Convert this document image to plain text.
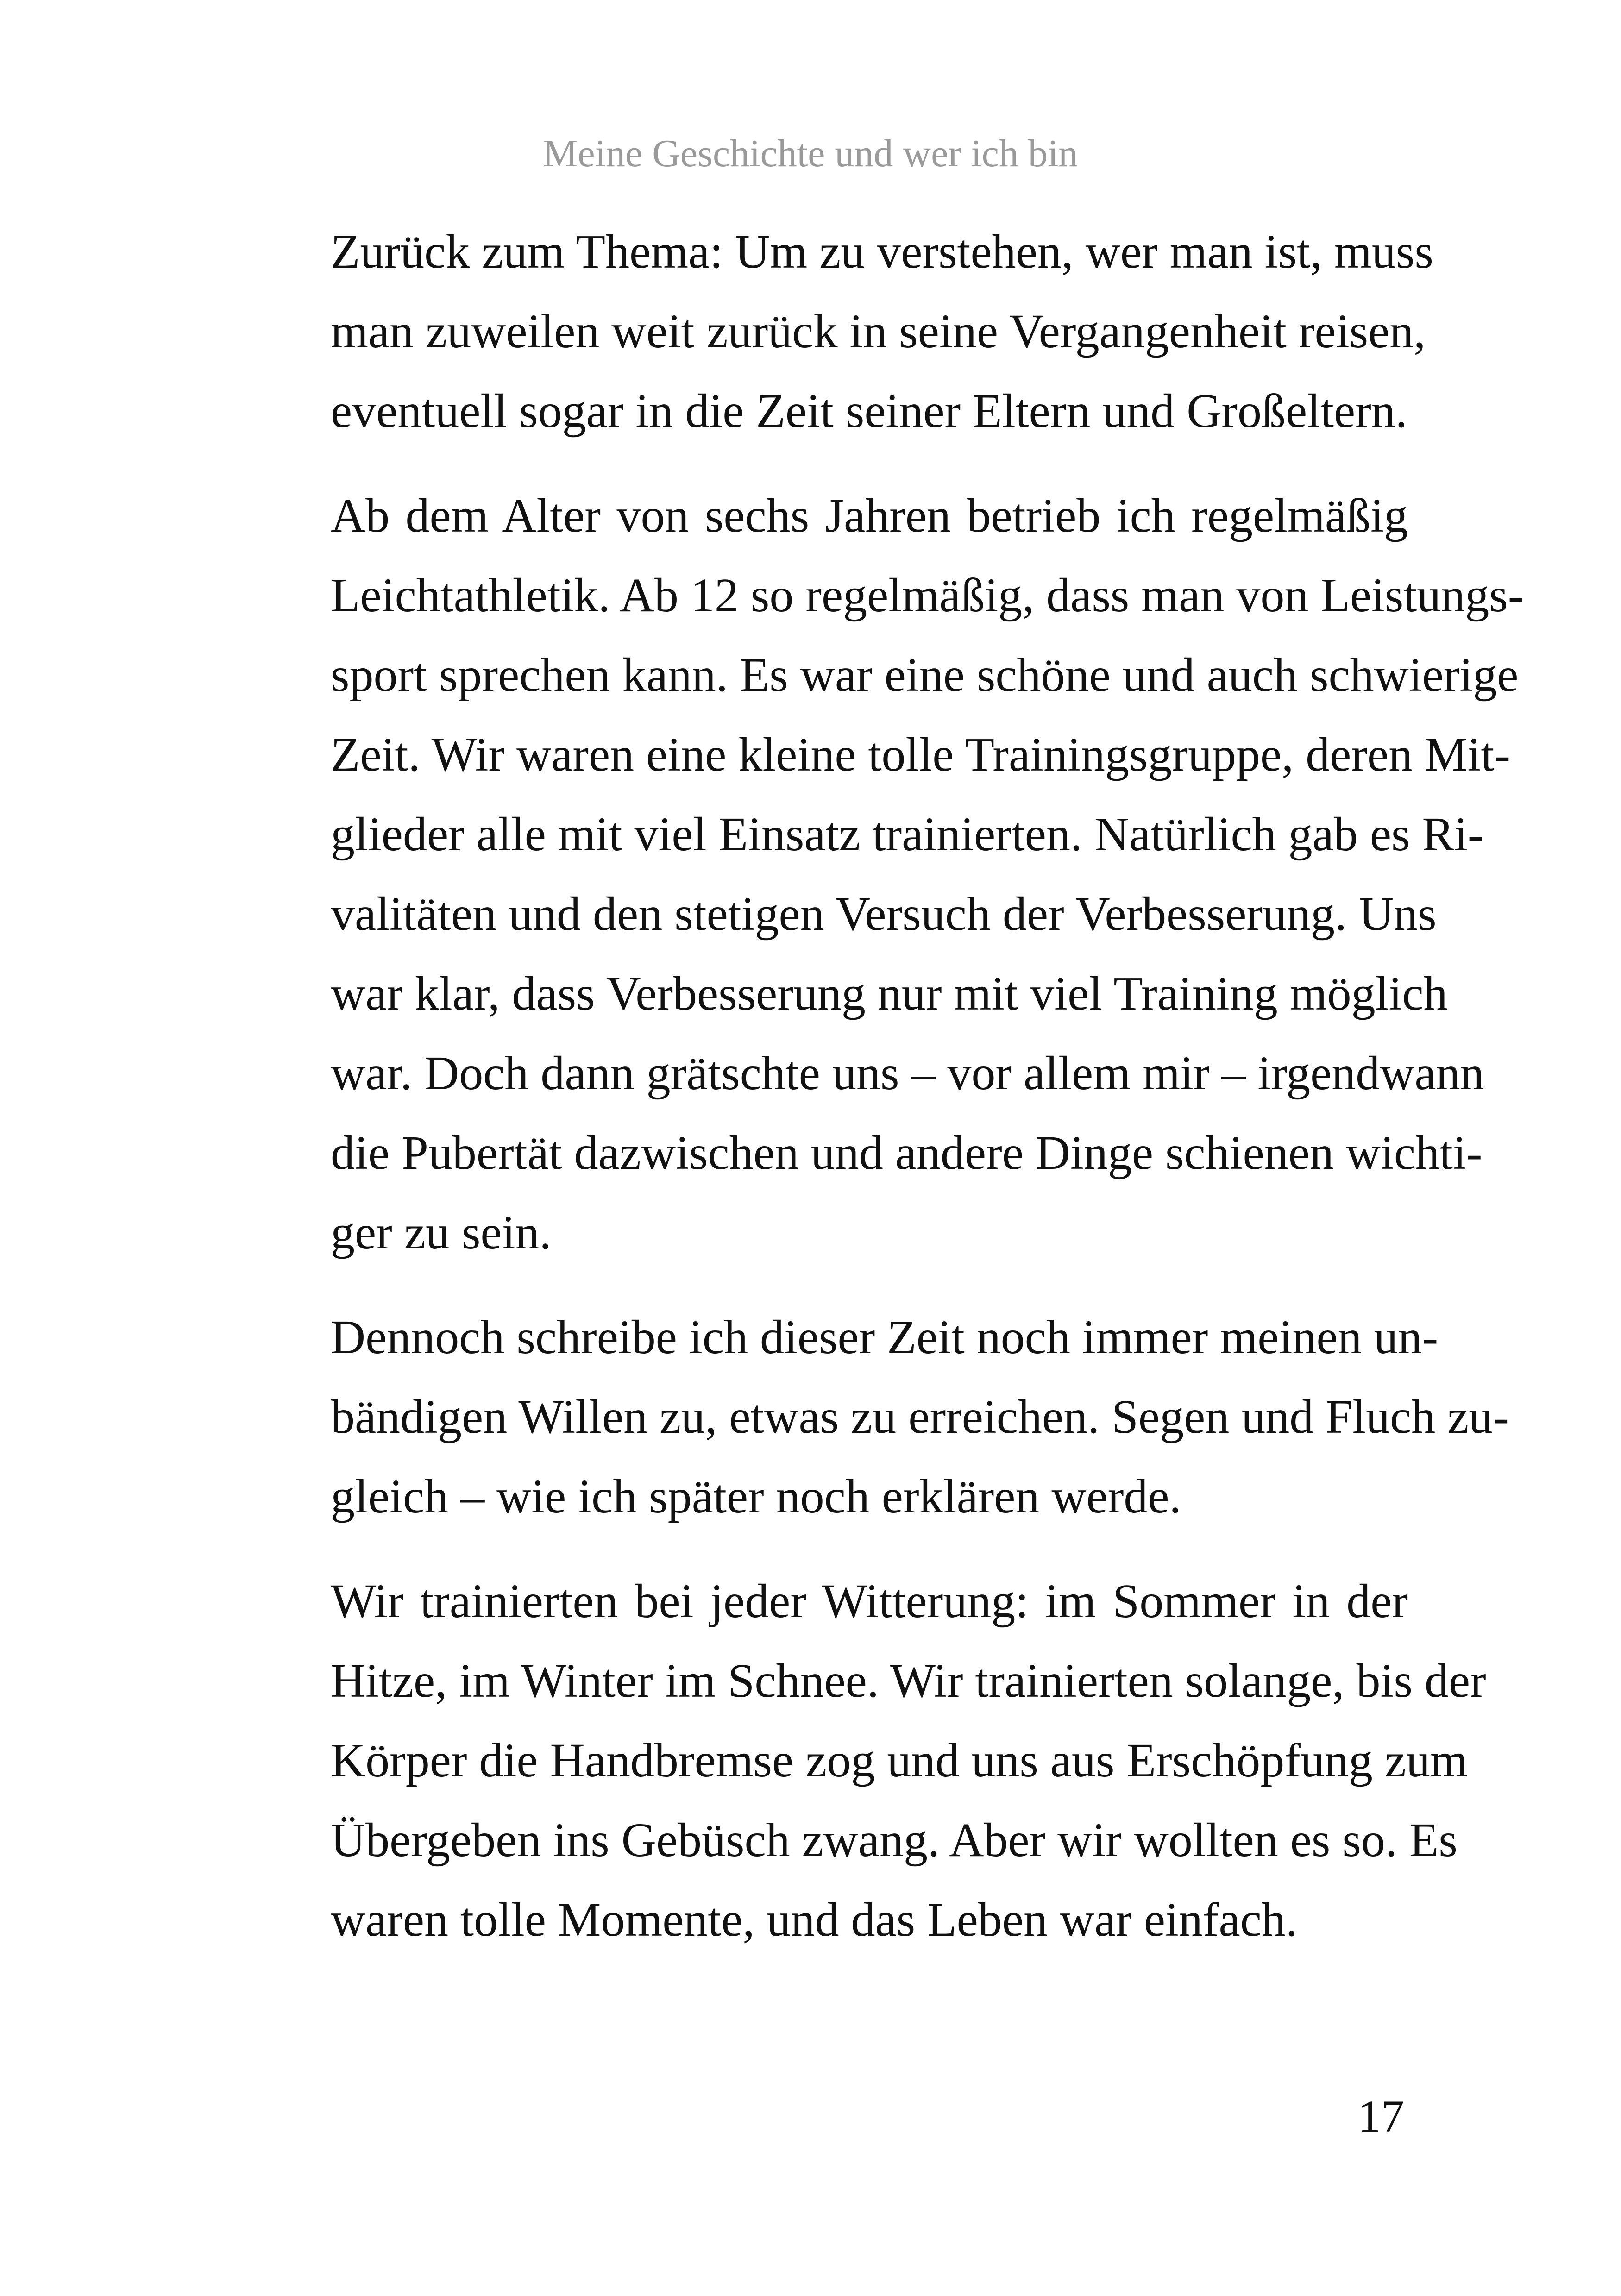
Meine Geschichte und wer ich bin

Zurück zum Thema: Um zu verstehen, wer man ist, muss
man zuweilen weit zurück in seine Vergangenheit reisen,
eventuell sogar in die Zeit seiner Eltern und Großeltern.

Ab dem Alter von sechs Jahren betrieb ich regelmäßig
Leichtathletik. Ab 12 so regelmäßig, dass man von Leistungs-
sport sprechen kann. Es war eine schöne und auch schwierige
Zeit. Wir waren eine kleine tolle Trainingsgruppe, deren Mit-
glieder alle mit viel Einsatz trainierten. Natürlich gab es Ri-
valitäten und den stetigen Versuch der Verbesserung. Uns
war klar, dass Verbesserung nur mit viel Training möglich
war. Doch dann grätschte uns – vor allem mir – irgendwann
die Pubertät dazwischen und andere Dinge schienen wichti-
ger zu sein.

Dennoch schreibe ich dieser Zeit noch immer meinen un-
bändigen Willen zu, etwas zu erreichen. Segen und Fluch zu-
gleich – wie ich später noch erklären werde.

Wir trainierten bei jeder Witterung: im Sommer in der
Hitze, im Winter im Schnee. Wir trainierten solange, bis der
Körper die Handbremse zog und uns aus Erschöpfung zum
Übergeben ins Gebüsch zwang. Aber wir wollten es so. Es
waren tolle Momente, und das Leben war einfach.

17
